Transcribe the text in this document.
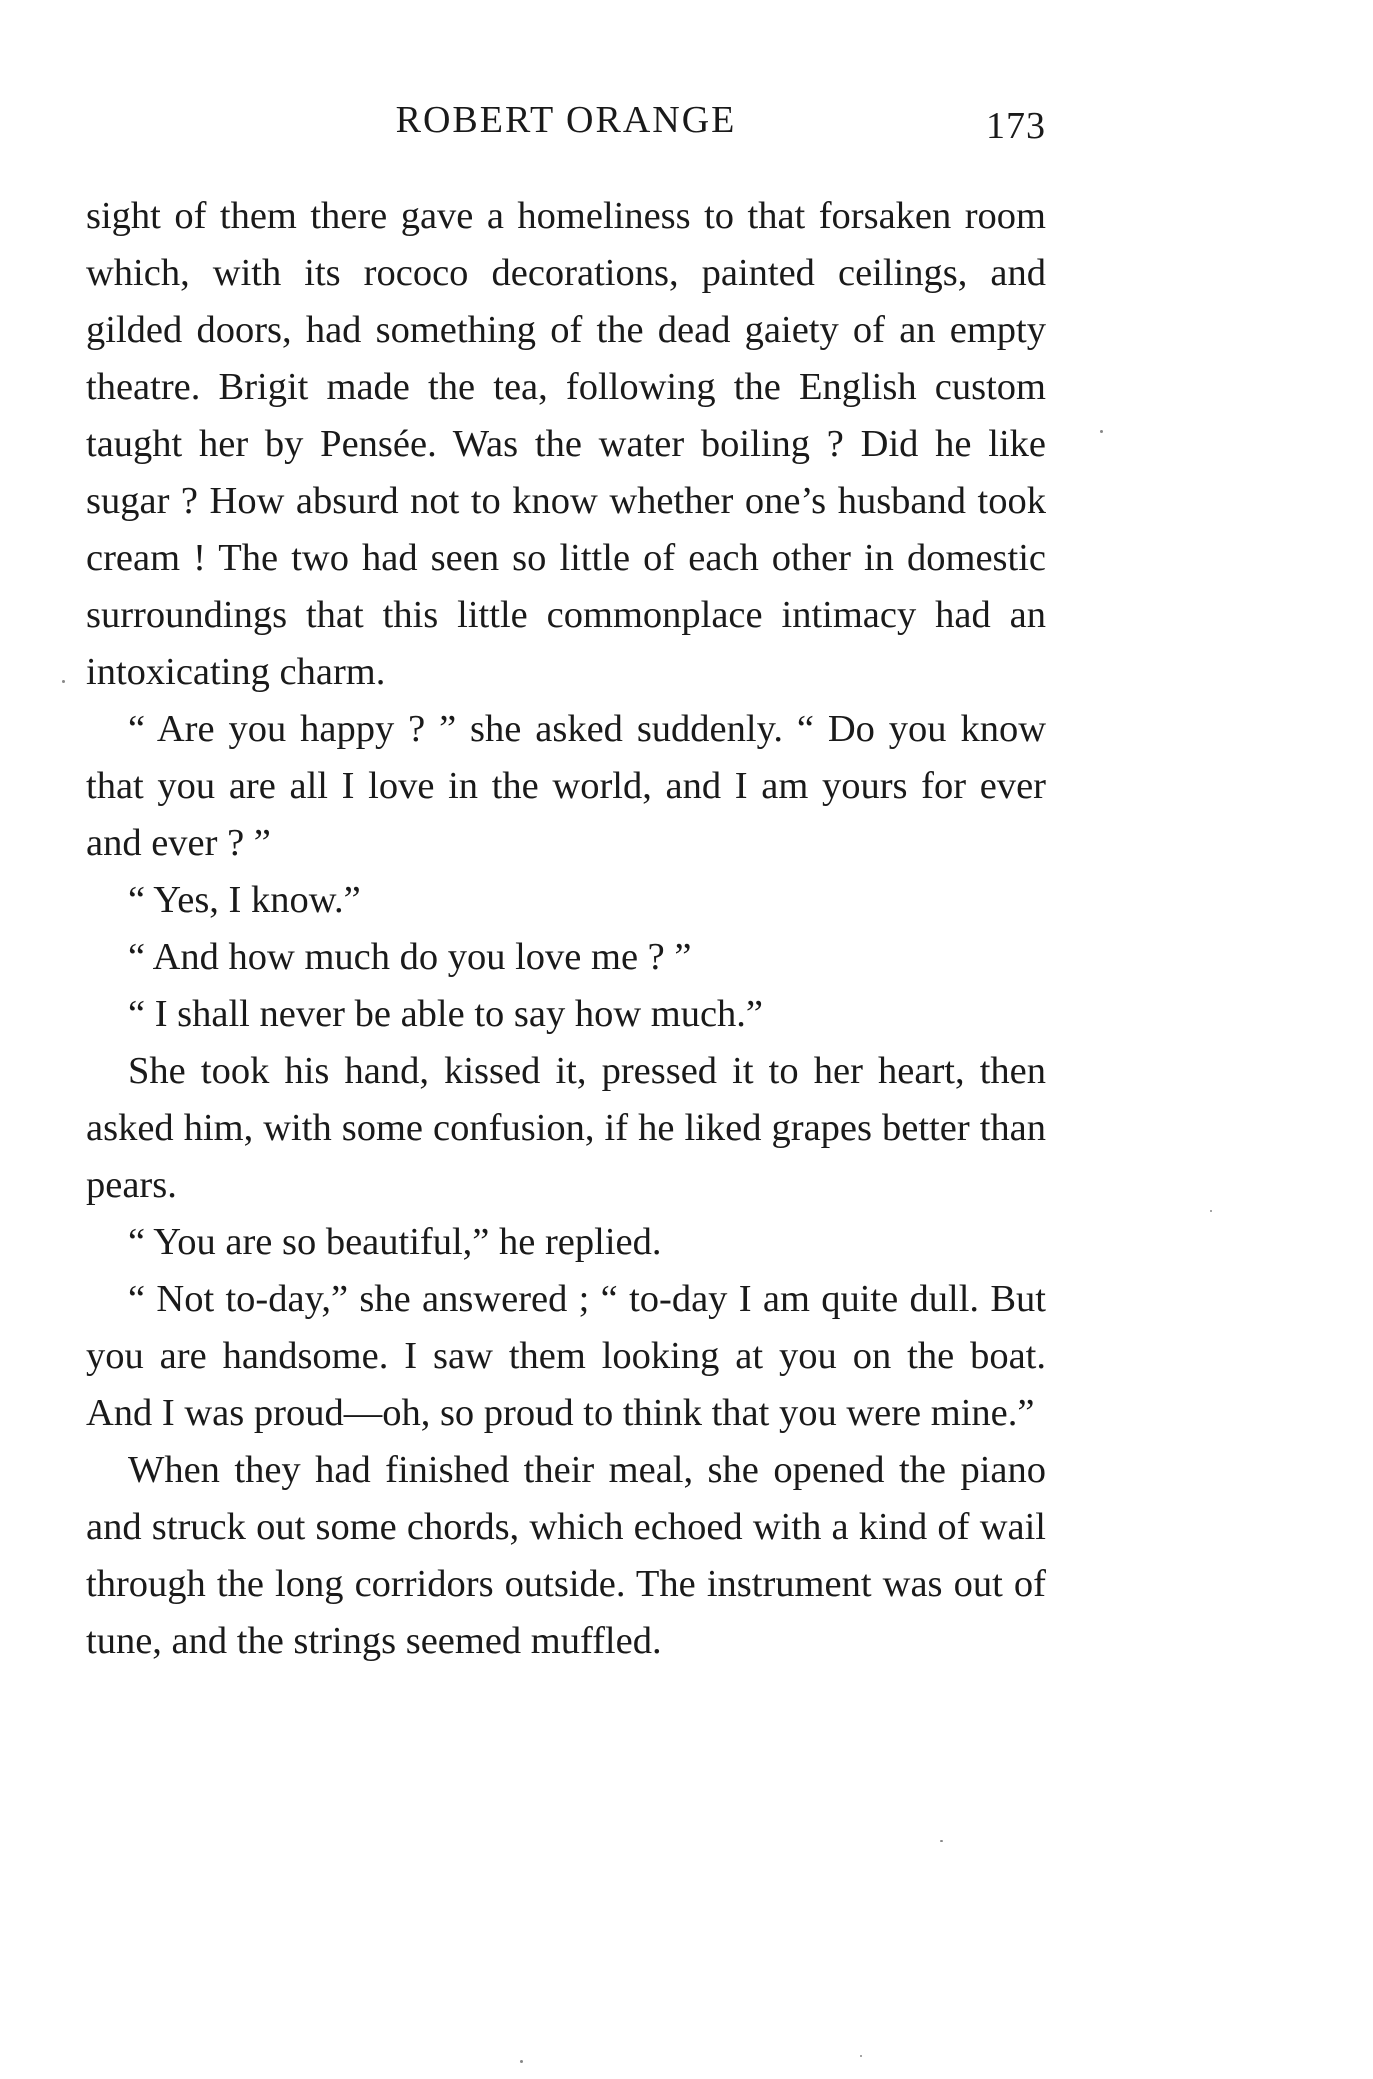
ROBERT ORANGE	173

sight of them there gave a homeliness to that forsaken room which, with its rococo decorations, painted ceilings, and gilded doors, had something of the dead gaiety of an empty theatre. Brigit made the tea, following the English custom taught her by Pensée. Was the water boiling ? Did he like sugar ? How absurd not to know whether one’s husband took cream ! The two had seen so little of each other in domestic surroundings that this little commonplace intimacy had an intoxicating charm.

“ Are you happy ? ” she asked suddenly. “ Do you know that you are all I love in the world, and I am yours for ever and ever ? ”

“ Yes, I know.”

“ And how much do you love me ? ”

“ I shall never be able to say how much.”

She took his hand, kissed it, pressed it to her heart, then asked him, with some confusion, if he liked grapes better than pears.

“ You are so beautiful,” he replied.

“ Not to-day,” she answered ; “ to-day I am quite dull. But you are handsome. I saw them looking at you on the boat. And I was proud—oh, so proud to think that you were mine.”

When they had finished their meal, she opened the piano and struck out some chords, which echoed with a kind of wail through the long corridors outside. The instrument was out of tune, and the strings seemed muffled.
